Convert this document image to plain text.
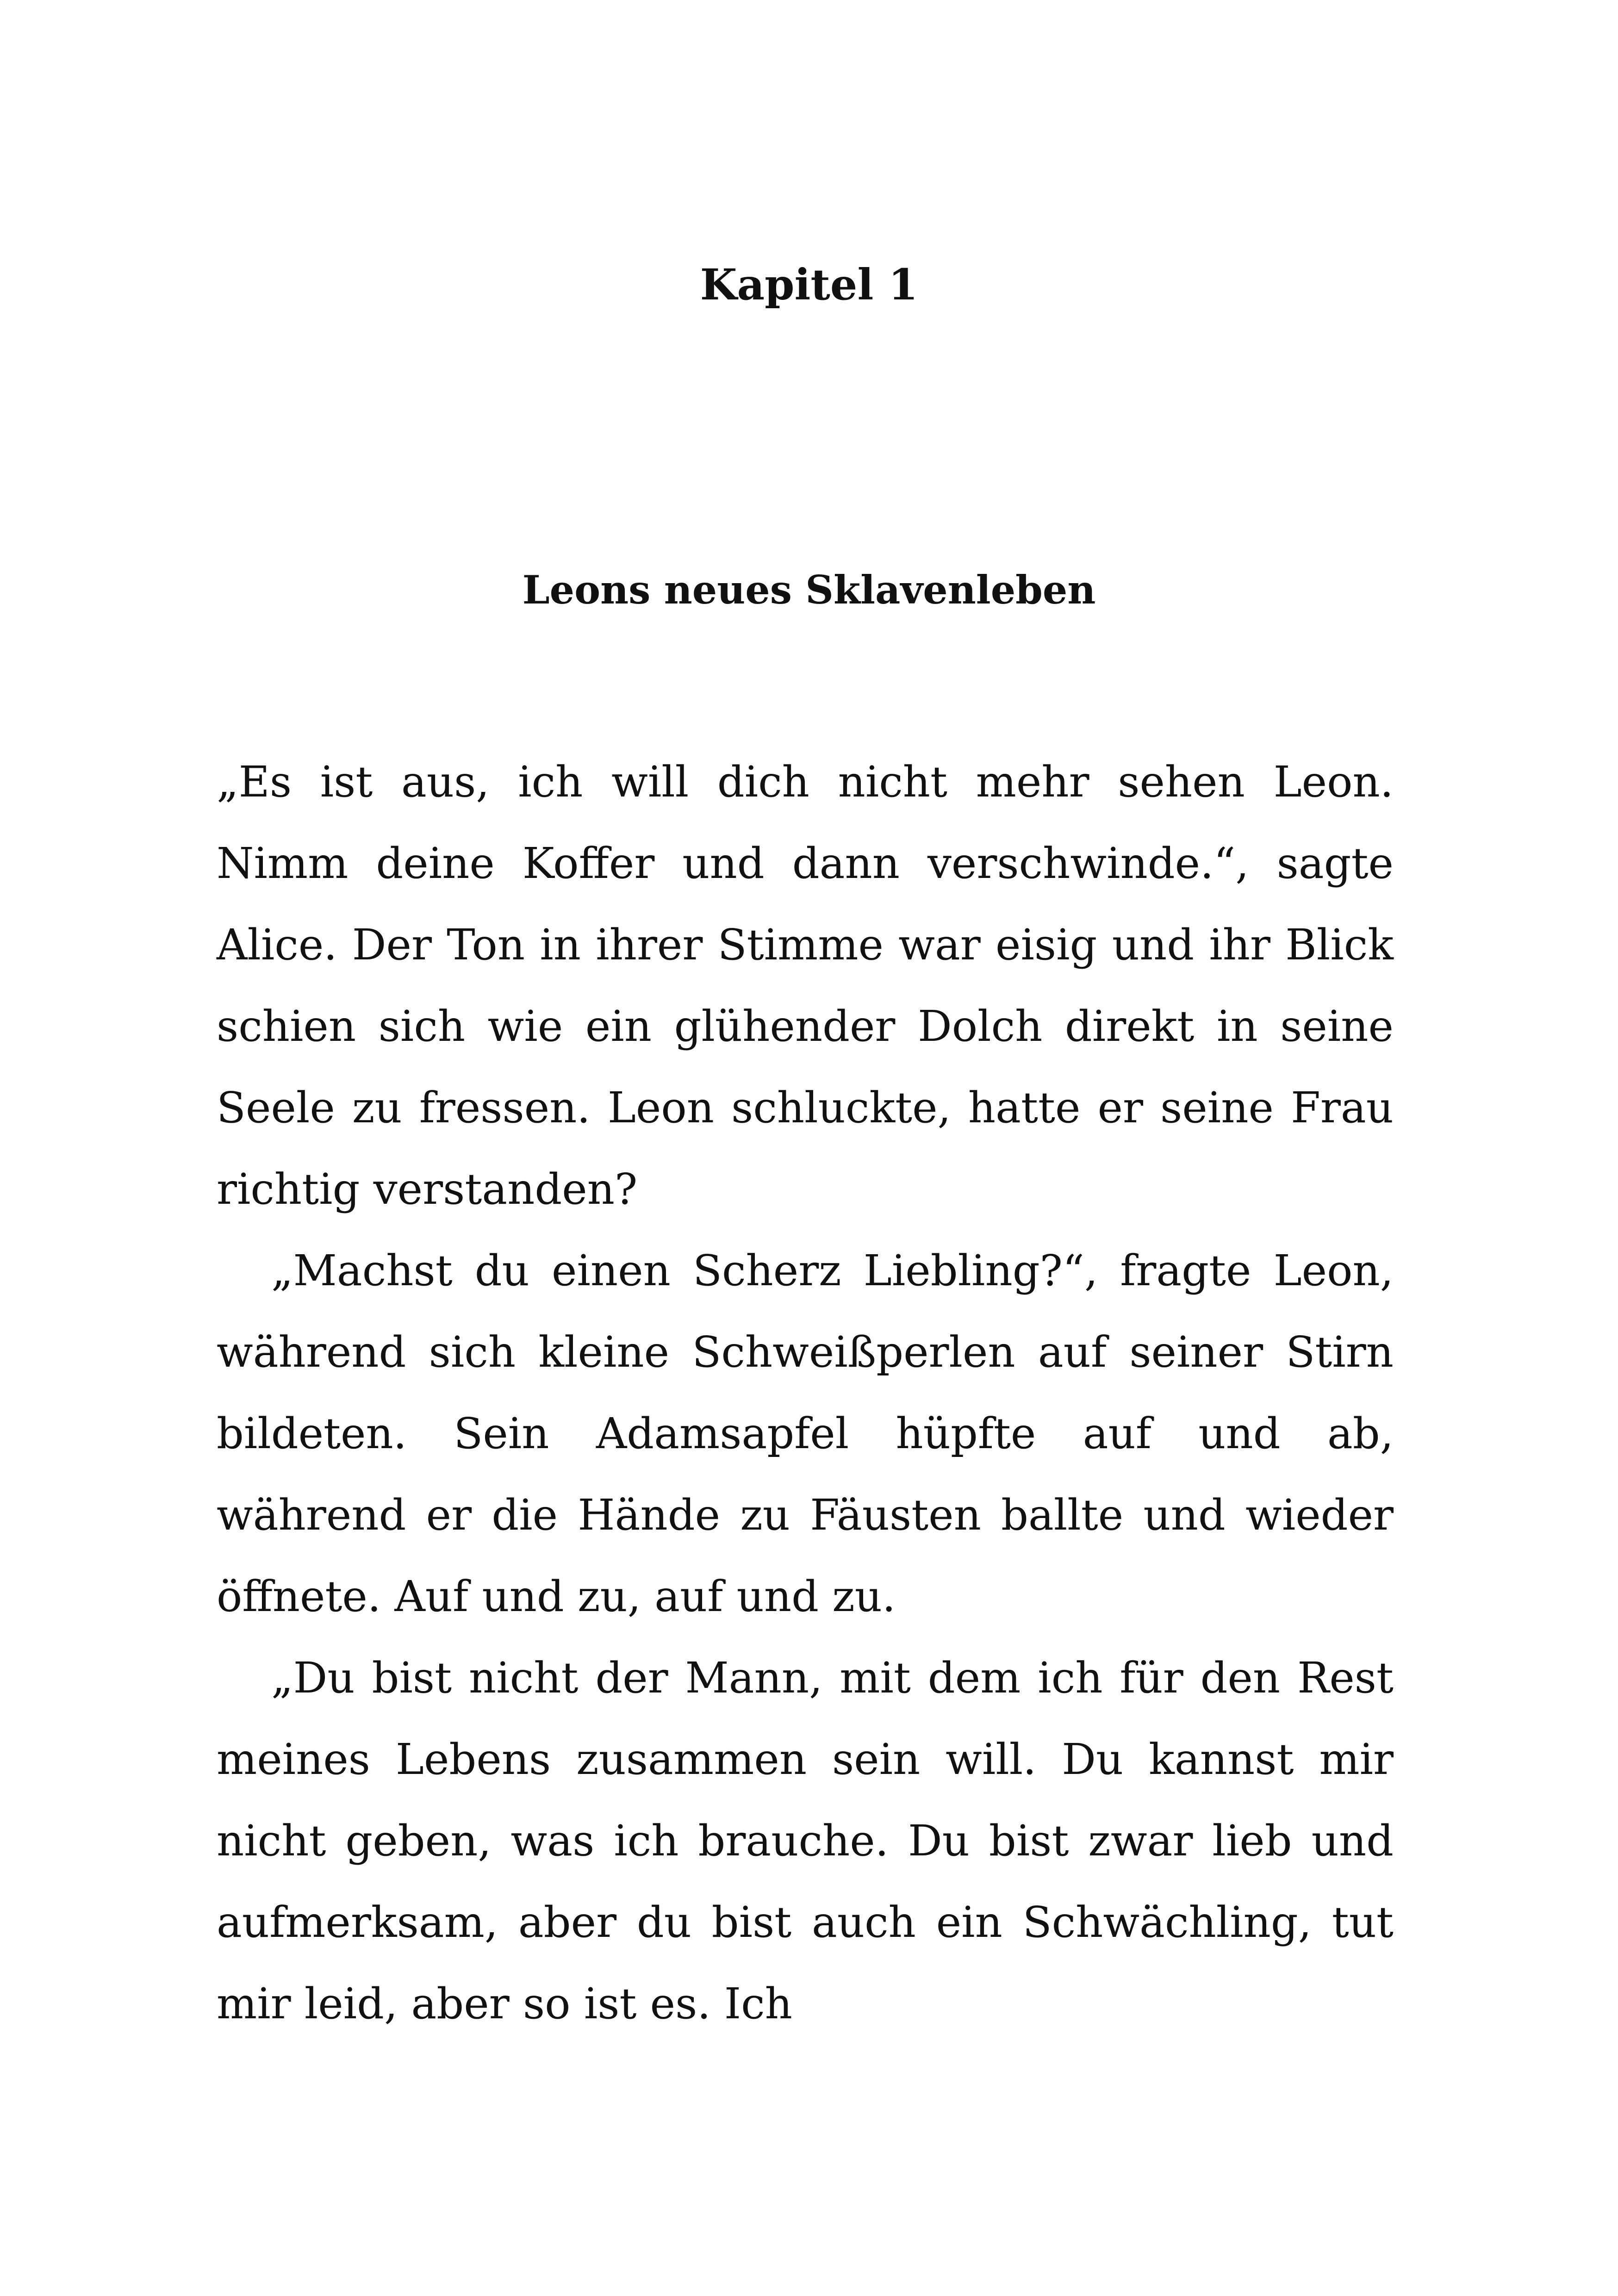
Kapitel 1
Leons neues Sklavenleben

„Es ist aus, ich will dich nicht mehr sehen Leon. Nimm deine Koffer und dann verschwinde.“, sagte Alice. Der Ton in ihrer Stimme war eisig und ihr Blick schien sich wie ein glühender Dolch direkt in seine Seele zu fressen. Leon schluckte, hatte er seine Frau richtig verstanden?

„Machst du einen Scherz Liebling?“, fragte Leon, während sich kleine Schweißperlen auf seiner Stirn bildeten. Sein Adamsapfel hüpfte auf und ab, während er die Hände zu Fäusten ballte und wieder öffnete. Auf und zu, auf und zu.

„Du bist nicht der Mann, mit dem ich für den Rest meines Lebens zusammen sein will. Du kannst mir nicht geben, was ich brauche. Du bist zwar lieb und aufmerksam, aber du bist auch ein Schwächling, tut mir leid, aber so ist es. Ich
